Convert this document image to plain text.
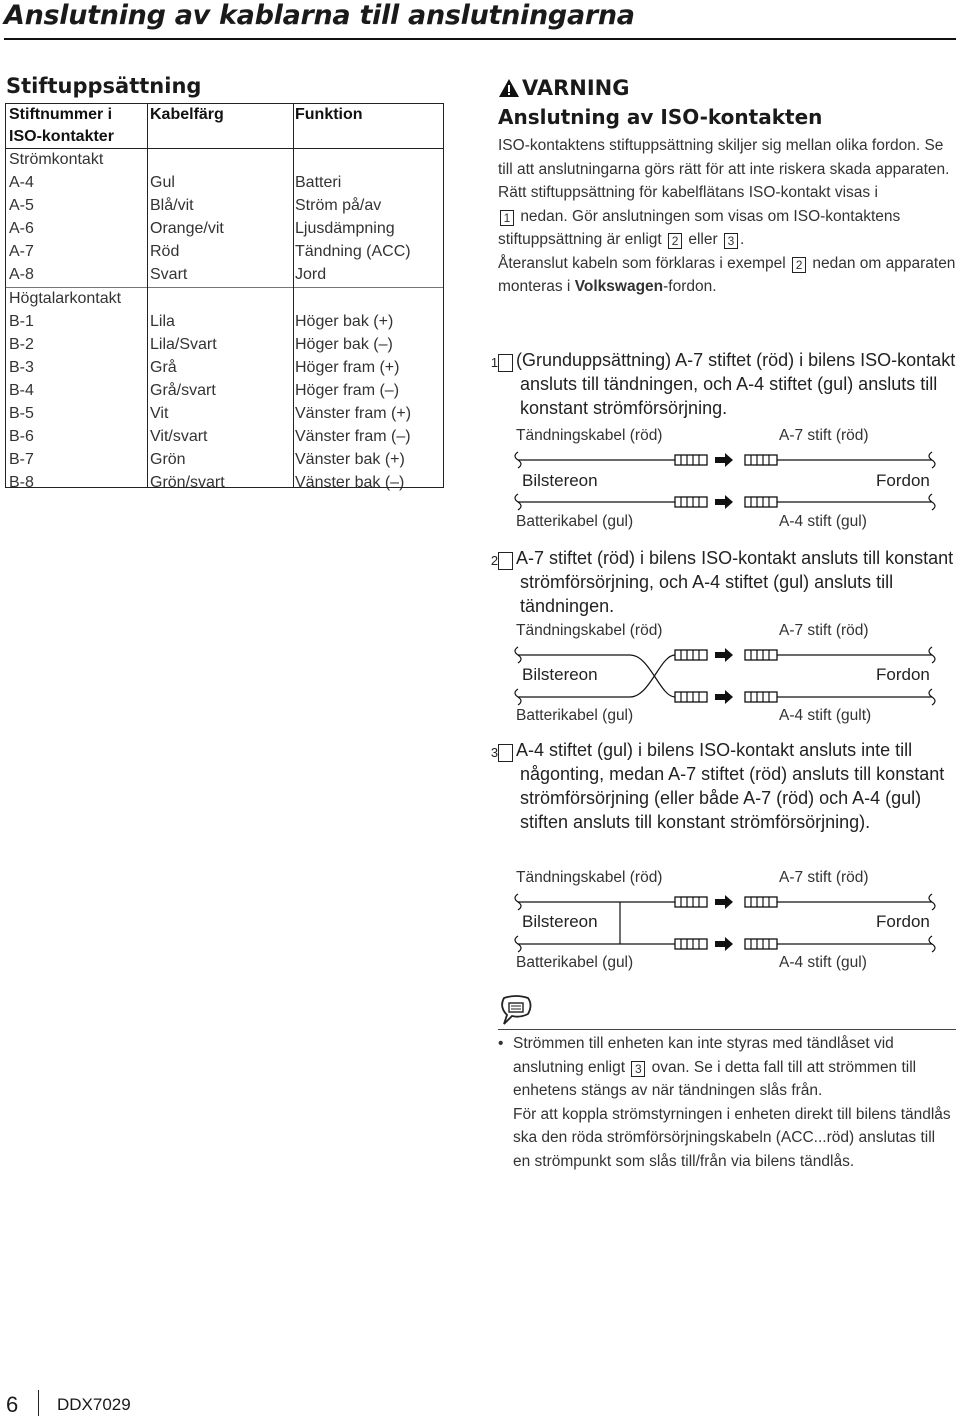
Anslutning av kablarna till anslutningarna
Stiftuppsättning
Stiftnummer i ISO-kontakter	Kabelfärg	Funktion
Strömkontakt		
A-4	Gul	Batteri
A-5	Blå/vit	Ström på/av
A-6	Orange/vit	Ljusdämpning
A-7	Röd	Tändning (ACC)
A-8	Svart	Jord
Högtalarkontakt		
B-1	Lila	Höger bak (+)
B-2	Lila/Svart	Höger bak (–)
B-3	Grå	Höger fram (+)
B-4	Grå/svart	Höger fram (–)
B-5	Vit	Vänster fram (+)
B-6	Vit/svart	Vänster fram (–)
B-7	Grön	Vänster bak (+)
B-8	Grön/svart	Vänster bak (–)
VARNING
Anslutning av ISO-kontakten
ISO-kontaktens stiftuppsättning skiljer sig mellan olika fordon. Se till att anslutningarna görs rätt för att inte riskera skada apparaten.
Rätt stiftuppsättning för kabelflätans ISO-kontakt visas i
1 nedan. Gör anslutningen som visas om ISO-kontaktens stiftuppsättning är enligt 2 eller 3 .
Återanslut kabeln som förklaras i exempel 2 nedan om apparaten monteras i Volkswagen-fordon.
1 (Grunduppsättning) A-7 stiftet (röd) i bilens ISO-kontakt ansluts till tändningen, och A-4 stiftet (gul) ansluts till konstant strömförsörjning.
Tändningskabel (röd)	A-7 stift (röd)
Bilstereon	Fordon
Batterikabel (gul)	A-4 stift (gul)
2 A-7 stiftet (röd) i bilens ISO-kontakt ansluts till konstant strömförsörjning, och A-4 stiftet (gul) ansluts till tändningen.
Tändningskabel (röd)	A-7 stift (röd)
Bilstereon	Fordon
Batterikabel (gul)	A-4 stift (gult)
3 A-4 stiftet (gul) i bilens ISO-kontakt ansluts inte till någonting, medan A-7 stiftet (röd) ansluts till konstant strömförsörjning (eller både A-7 (röd) och A-4 (gul) stiften ansluts till konstant strömförsörjning).
Tändningskabel (röd)	A-7 stift (röd)
Bilstereon	Fordon
Batterikabel (gul)	A-4 stift (gul)
• Strömmen till enheten kan inte styras med tändlåset vid anslutning enligt 3 ovan. Se i detta fall till att strömmen till enhetens stängs av när tändningen slås från.
För att koppla strömstyrningen i enheten direkt till bilens tändlås ska den röda strömförsörjningskabeln (ACC...röd) anslutas till en strömpunkt som slås till/från via bilens tändlås.
6 DDX7029
